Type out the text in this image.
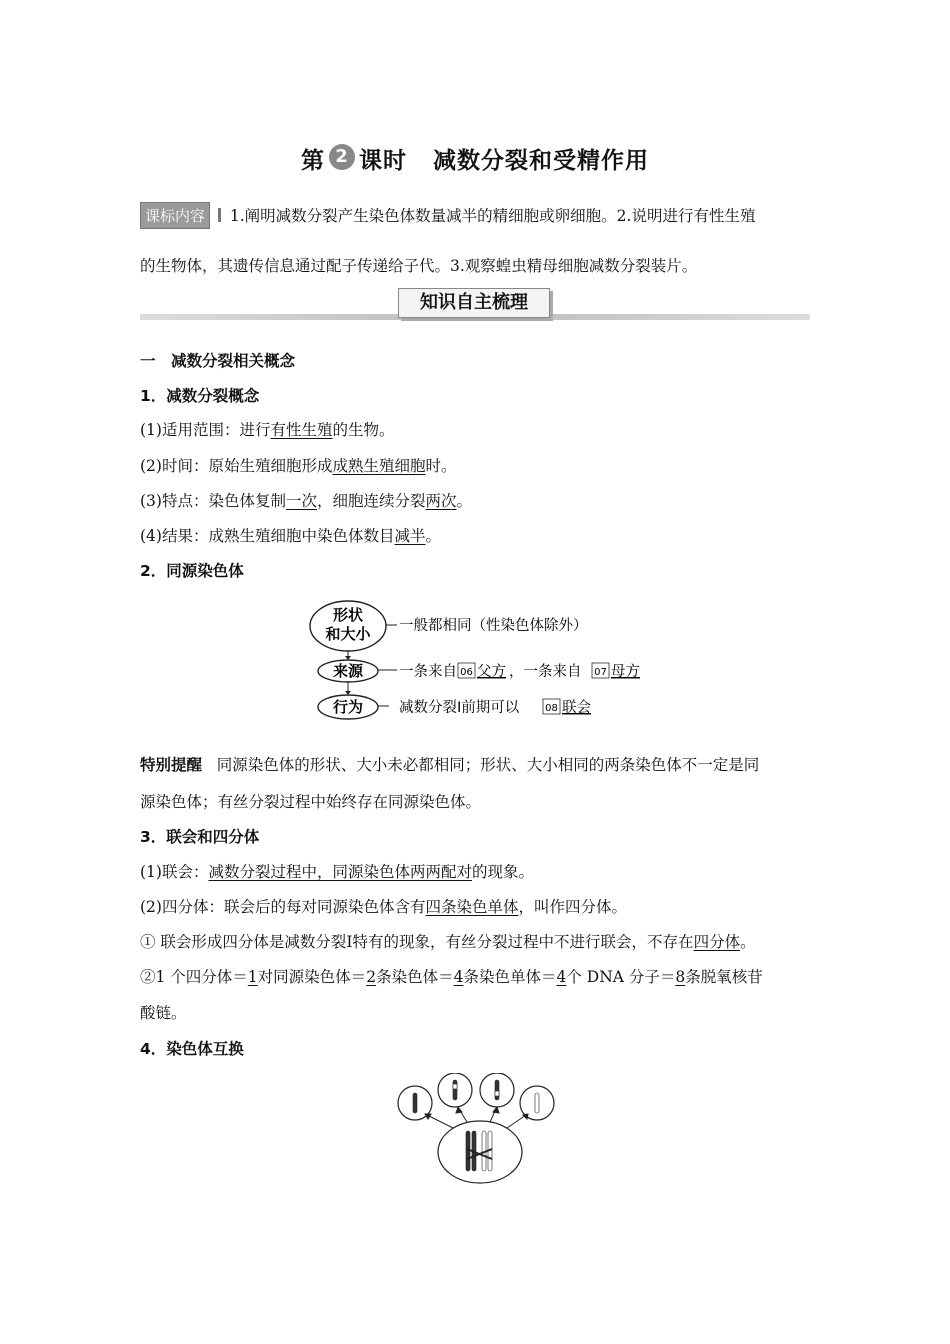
第 2 课时 减数分裂和受精作用
课标内容 1.阐明减数分裂产生染色体数量减半的精细胞或卵细胞。2.说明进行有性生殖
的生物体，其遗传信息通过配子传递给子代。3.观察蝗虫精母细胞减数分裂装片。
知识自主梳理
一　减数分裂相关概念
1．减数分裂概念
(1)适用范围：进行有性生殖的生物。
(2)时间：原始生殖细胞形成成熟生殖细胞时。
(3)特点：染色体复制一次，细胞连续分裂两次。
(4)结果：成熟生殖细胞中染色体数目减半。
2．同源染色体
形状
和大小 一般都相同（性染色体除外）
来源 一条来自 06 父方 ，一条来自 07 母方
行为 减数分裂Ⅰ前期可以	08 联会
特别提醒 同源染色体的形状、大小未必都相同；形状、大小相同的两条染色体不一定是同
源染色体；有丝分裂过程中始终存在同源染色体。
3．联会和四分体
(1)联会：减数分裂过程中，同源染色体两两配对的现象。
(2)四分体：联会后的每对同源染色体含有四条染色单体，叫作四分体。
① 联会形成四分体是减数分裂Ⅰ特有的现象，有丝分裂过程中不进行联会，不存在四分体。
②1 个四分体＝1对同源染色体＝2条染色体＝4条染色单体＝4个 DNA 分子＝8条脱氧核苷
酸链。
4．染色体互换
